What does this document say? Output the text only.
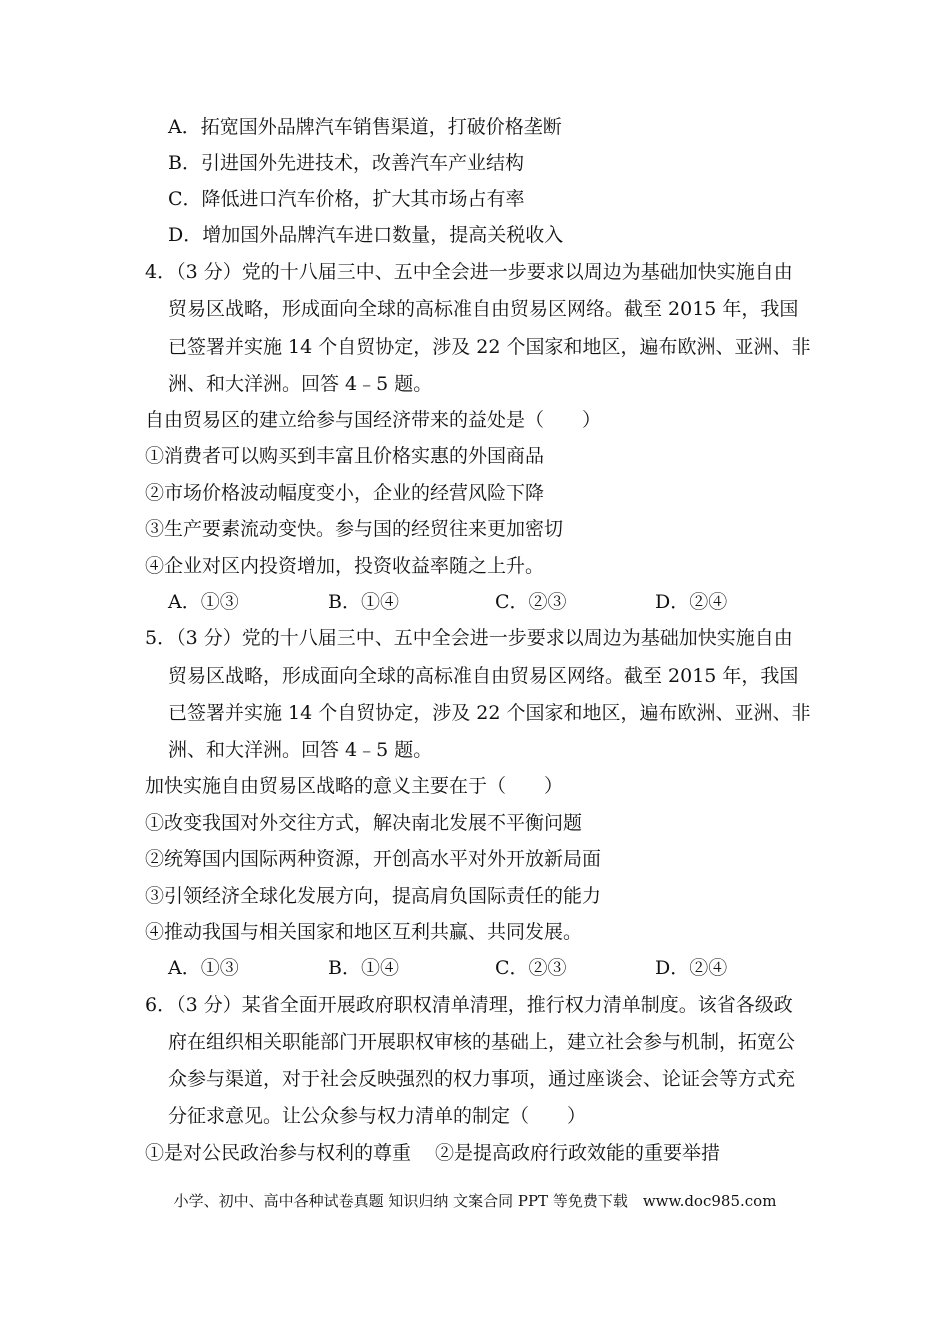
A．拓宽国外品牌汽车销售渠道，打破价格垄断
B．引进国外先进技术，改善汽车产业结构
C．降低进口汽车价格，扩大其市场占有率
D．增加国外品牌汽车进口数量，提高关税收入
4．（3 分）党的十八届三中、五中全会进一步要求以周边为基础加快实施自由
贸易区战略，形成面向全球的高标准自由贸易区网络。截至 2015 年，我国
已签署并实施 14 个自贸协定，涉及 22 个国家和地区，遍布欧洲、亚洲、非
洲、和大洋洲。回答 4﹣5 题。
自由贸易区的建立给参与国经济带来的益处是（　　）
①消费者可以购买到丰富且价格实惠的外国商品
②市场价格波动幅度变小，企业的经营风险下降
③生产要素流动变快。参与国的经贸往来更加密切
④企业对区内投资增加，投资收益率随之上升。
A．①③	B．①④	C．②③	D．②④
5．（3 分）党的十八届三中、五中全会进一步要求以周边为基础加快实施自由
贸易区战略，形成面向全球的高标准自由贸易区网络。截至 2015 年，我国
已签署并实施 14 个自贸协定，涉及 22 个国家和地区，遍布欧洲、亚洲、非
洲、和大洋洲。回答 4﹣5 题。
加快实施自由贸易区战略的意义主要在于（　　）
①改变我国对外交往方式，解决南北发展不平衡问题
②统筹国内国际两种资源，开创高水平对外开放新局面
③引领经济全球化发展方向，提高肩负国际责任的能力
④推动我国与相关国家和地区互利共赢、共同发展。
A．①③	B．①④	C．②③	D．②④
6．（3 分）某省全面开展政府职权清单清理，推行权力清单制度。该省各级政
府在组织相关职能部门开展职权审核的基础上，建立社会参与机制，拓宽公
众参与渠道，对于社会反映强烈的权力事项，通过座谈会、论证会等方式充
分征求意见。让公众参与权力清单的制定（　　）
①是对公民政治参与权利的尊重 ②是提高政府行政效能的重要举措
小学、初中、高中各种试卷真题 知识归纳 文案合同 PPT 等免费下载　www.doc985.com
